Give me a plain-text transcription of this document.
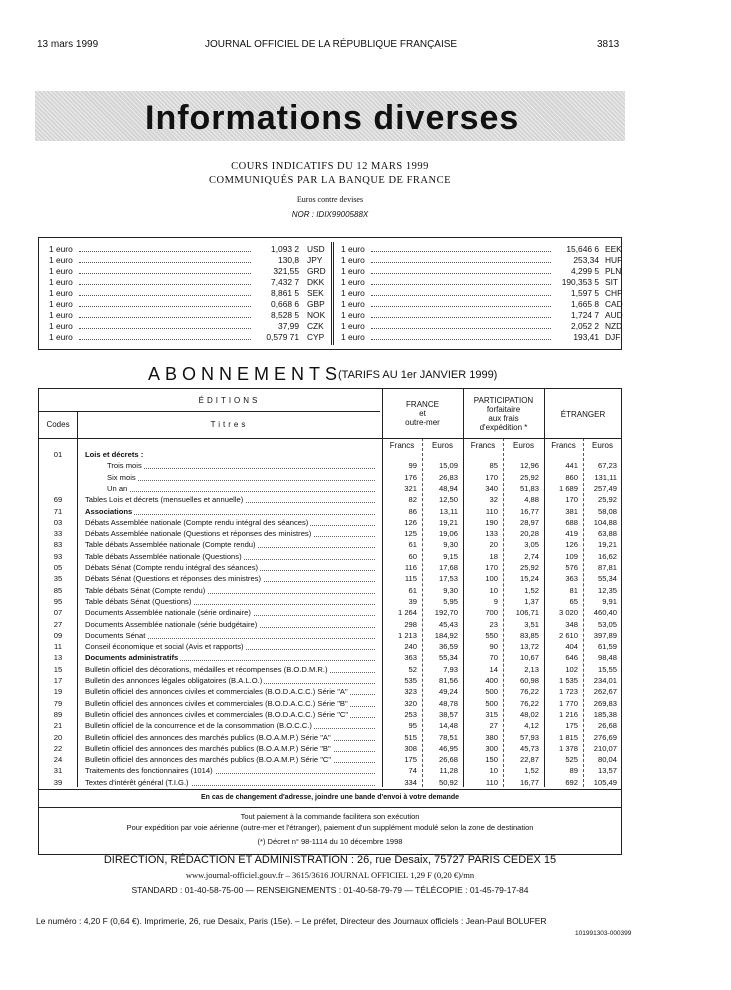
13 mars 1999	JOURNAL OFFICIEL DE LA RÉPUBLIQUE FRANÇAISE	3813
Informations diverses
COURS INDICATIFS DU 12 MARS 1999
COMMUNIQUÉS PAR LA BANQUE DE FRANCE
Euros contre devises
NOR : IDIX9900588X
1 euro	1,093 2 USD
1 euro	130,8 JPY
1 euro	321,55 GRD
1 euro	7,432 7 DKK
1 euro	8,861 5 SEK
1 euro	0,668 6 GBP
1 euro	8,528 5 NOK
1 euro	37,99 CZK
1 euro	0,579 71 CYP
1 euro	15,646 6 EEK
1 euro	253,34 HUF
1 euro	4,299 5 PLN
1 euro	190,353 5 SIT
1 euro	1,597 5 CHF
1 euro	1,665 8 CAD
1 euro	1,724 7 AUD
1 euro	2,052 2 NZD
1 euro	193,41 DJF
ABONNEMENTS
(TARIFS AU 1er JANVIER 1999)
ÉDITIONS
Codes	Titres
FRANCE
et
outre-mer
PARTICIPATION
forfaitaire
aux frais
d'expédition *
ÉTRANGER
Francs	Euros	Francs	Euros	Francs	Euros
01	Lois et décrets :
Trois mois	99	15,09	85	12,96	441	67,23
Six mois	176	26,83	170	25,92	860	131,11
Un an	321	48,94	340	51,83	1 689	257,49
69	Tables Lois et décrets (mensuelles et annuelle)	82	12,50	32	4,88	170	25,92
71	Associations	86	13,11	110	16,77	381	58,08
03	Débats Assemblée nationale (Compte rendu intégral des séances)	126	19,21	190	28,97	688	104,88
33	Débats Assemblée nationale (Questions et réponses des ministres)	125	19,06	133	20,28	419	63,88
83	Table débats Assemblée nationale (Compte rendu)	61	9,30	20	3,05	126	19,21
93	Table débats Assemblée nationale (Questions)	60	9,15	18	2,74	109	16,62
05	Débats Sénat (Compte rendu intégral des séances)	116	17,68	170	25,92	576	87,81
35	Débats Sénat (Questions et réponses des ministres)	115	17,53	100	15,24	363	55,34
85	Table débats Sénat (Compte rendu)	61	9,30	10	1,52	81	12,35
95	Table débats Sénat (Questions)	39	5,95	9	1,37	65	9,91
07	Documents Assemblée nationale (série ordinaire)	1 264	192,70	700	106,71	3 020	460,40
27	Documents Assemblée nationale (série budgétaire)	298	45,43	23	3,51	348	53,05
09	Documents Sénat	1 213	184,92	550	83,85	2 610	397,89
11	Conseil économique et social (Avis et rapports)	240	36,59	90	13,72	404	61,59
13	Documents administratifs	363	55,34	70	10,67	646	98,48
15	Bulletin officiel des décorations, médailles et récompenses (B.O.D.M.R.)	52	7,93	14	2,13	102	15,55
17	Bulletin des annonces légales obligatoires (B.A.L.O.)	535	81,56	400	60,98	1 535	234,01
19	Bulletin officiel des annonces civiles et commerciales (B.O.D.A.C.C.) Série "A"	323	49,24	500	76,22	1 723	262,67
79	Bulletin officiel des annonces civiles et commerciales (B.O.D.A.C.C.) Série "B"	320	48,78	500	76,22	1 770	269,83
89	Bulletin officiel des annonces civiles et commerciales (B.O.D.A.C.C.) Série "C"	253	38,57	315	48,02	1 216	185,38
21	Bulletin officiel de la concurrence et de la consommation (B.O.C.C.)	95	14,48	27	4,12	175	26,68
20	Bulletin officiel des annonces des marchés publics (B.O.A.M.P.) Série "A"	515	78,51	380	57,93	1 815	276,69
22	Bulletin officiel des annonces des marchés publics (B.O.A.M.P.) Série "B"	308	46,95	300	45,73	1 378	210,07
24	Bulletin officiel des annonces des marchés publics (B.O.A.M.P.) Série "C"	175	26,68	150	22,87	525	80,04
31	Traitements des fonctionnaires (1014)	74	11,28	10	1,52	89	13,57
39	Textes d'intérêt général (T.I.G.)	334	50,92	110	16,77	692	105,49
En cas de changement d'adresse, joindre une bande d'envoi à votre demande
Tout paiement à la commande facilitera son exécution
Pour expédition par voie aérienne (outre-mer et l'étranger), paiement d'un supplément modulé selon la zone de destination
(*) Décret n° 98-1114 du 10 décembre 1998
DIRECTION, RÉDACTION ET ADMINISTRATION : 26, rue Desaix, 75727 PARIS CEDEX 15
www.journal-officiel.gouv.fr – 3615/3616 JOURNAL OFFICIEL 1,29 F (0,20 €)/mn
STANDARD : 01-40-58-75-00 — RENSEIGNEMENTS : 01-40-58-79-79 — TÉLÉCOPIE : 01-45-79-17-84
Le numéro : 4,20 F (0,64 €). Imprimerie, 26, rue Desaix, Paris (15e). – Le préfet, Directeur des Journaux officiels : Jean-Paul BOLUFER
101991303-000399
